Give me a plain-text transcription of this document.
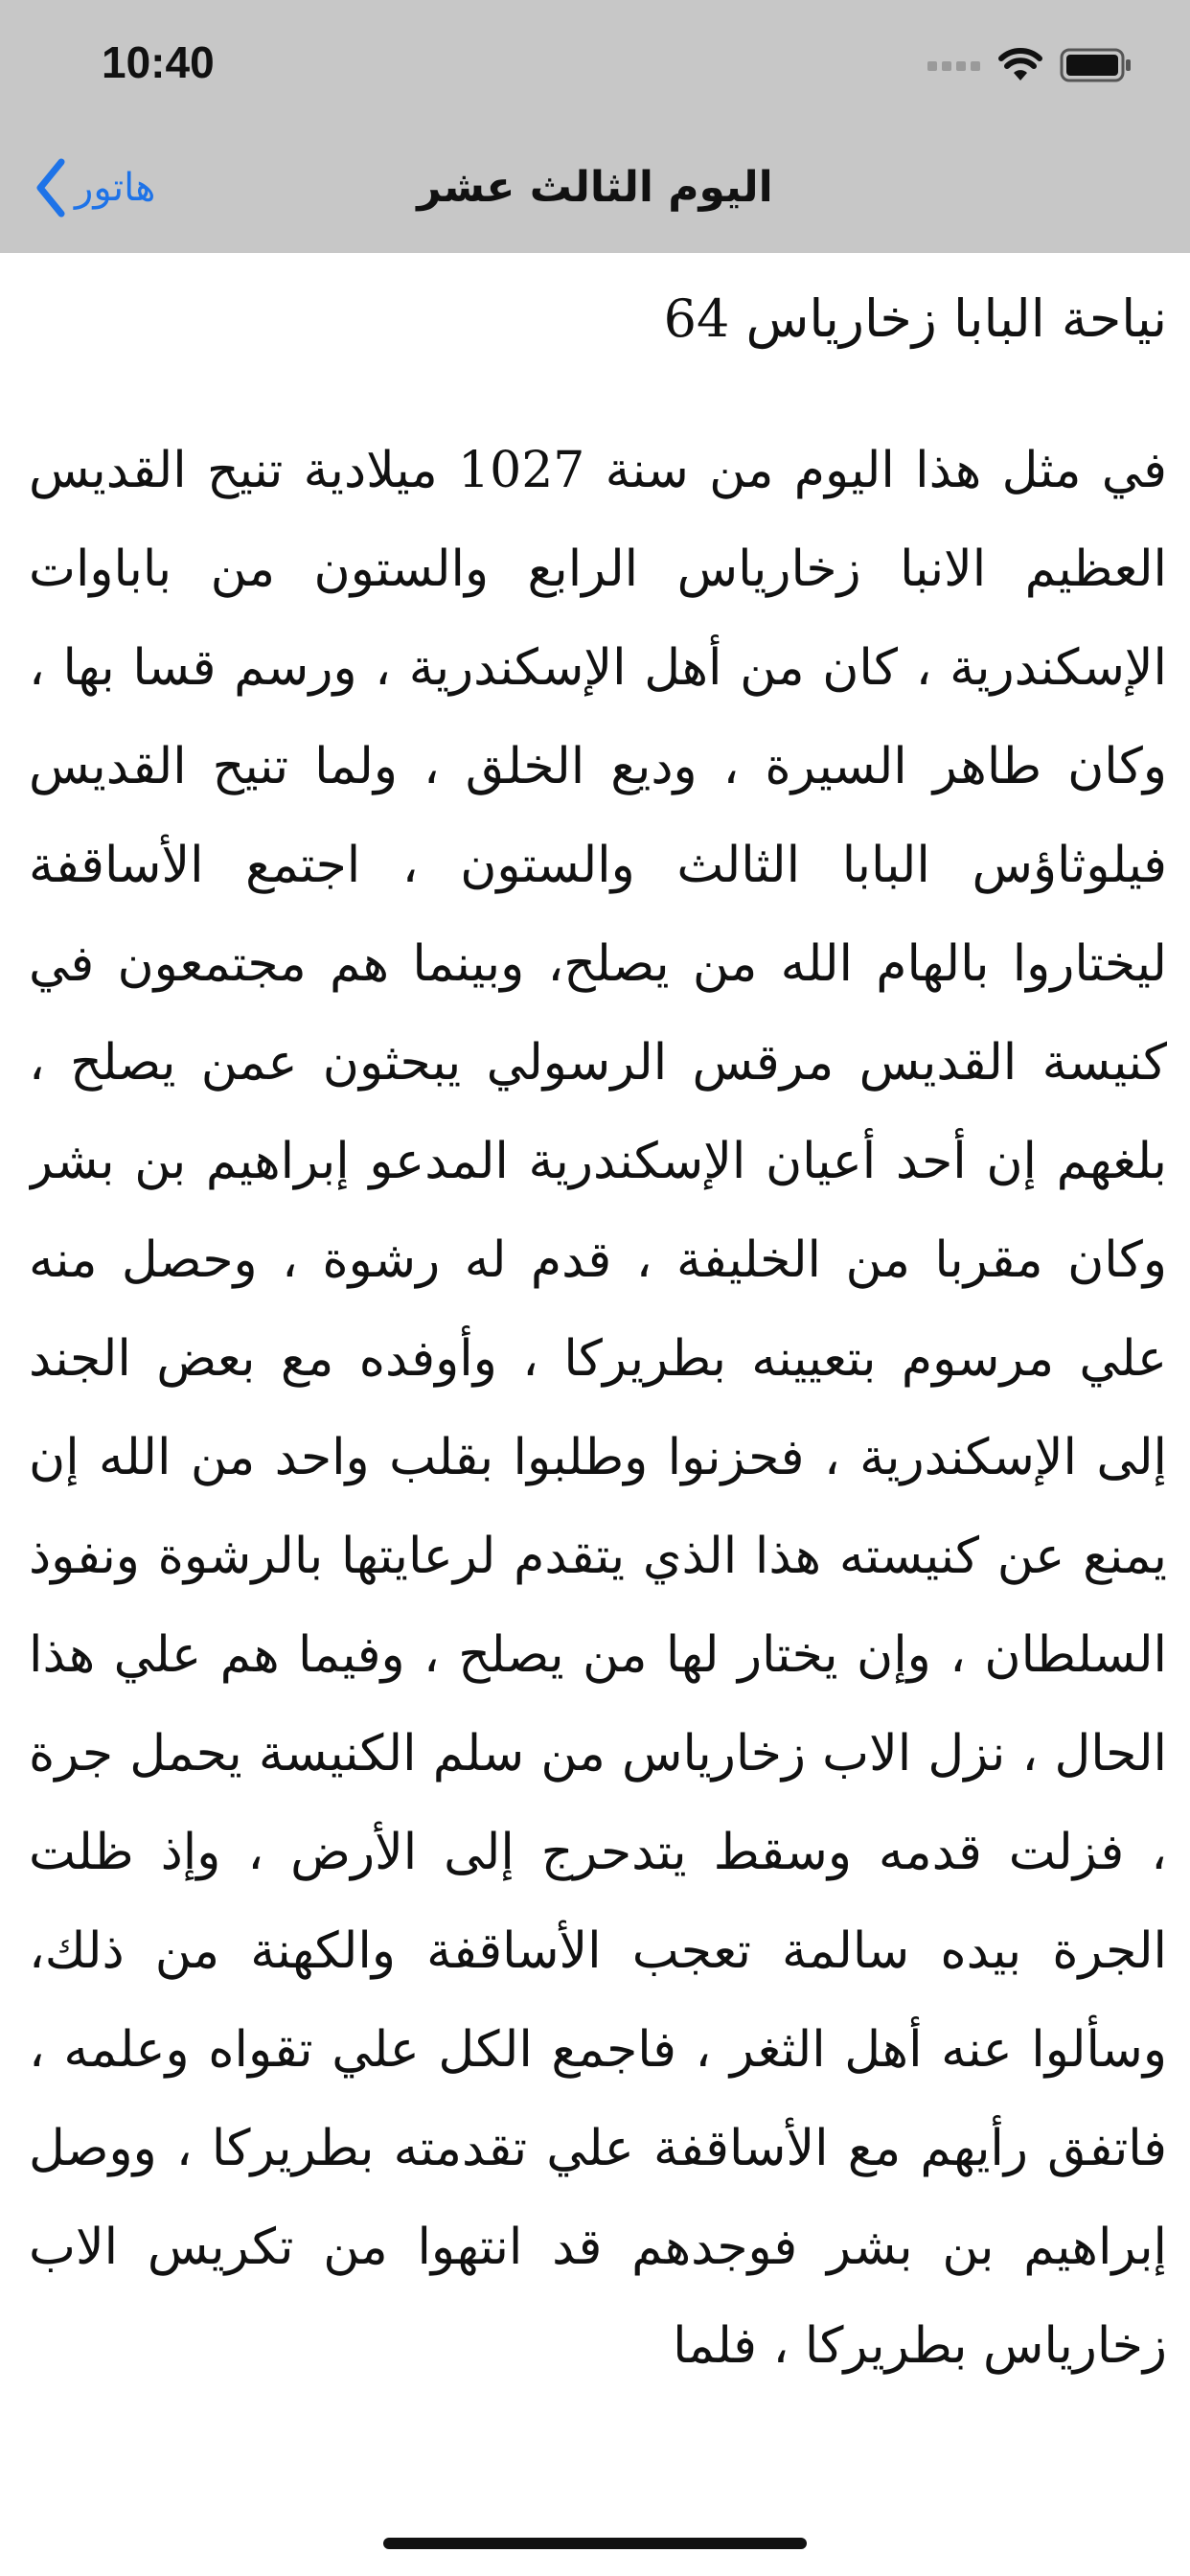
10:40
هاتور	اليوم الثالث عشر
نياحة البابا زخارياس 64

في مثل هذا اليوم من سنة 1027 ميلادية تنيح القديس العظيم الانبا زخارياس الرابع والستون من باباوات الإسكندرية ، كان من أهل الإسكندرية ، ورسم قسا بها ، وكان طاهر السيرة ، وديع الخلق ، ولما تنيح القديس فيلوثاؤس البابا الثالث والستون ، اجتمع الأساقفة ليختاروا بالهام الله من يصلح، وبينما هم مجتمعون في كنيسة القديس مرقس الرسولي يبحثون عمن يصلح ، بلغهم إن أحد أعيان الإسكندرية المدعو إبراهيم بن بشر وكان مقربا من الخليفة ، قدم له رشوة ، وحصل منه علي مرسوم بتعيينه بطريركا ، وأوفده مع بعض الجند إلى الإسكندرية ، فحزنوا وطلبوا بقلب واحد من الله إن يمنع عن كنيسته هذا الذي يتقدم لرعايتها بالرشوة ونفوذ السلطان ، وإن يختار لها من يصلح ، وفيما هم علي هذا الحال ، نزل الاب زخارياس من سلم الكنيسة يحمل جرة ، فزلت قدمه وسقط يتدحرج إلى الأرض ، وإذ ظلت الجرة بيده سالمة تعجب الأساقفة والكهنة من ذلك، وسألوا عنه أهل الثغر ، فاجمع الكل علي تقواه وعلمه ، فاتفق رأيهم مع الأساقفة علي تقدمته بطريركا ، ووصل إبراهيم بن بشر فوجدهم قد انتهوا من تكريس الاب زخارياس بطريركا ، فلما
